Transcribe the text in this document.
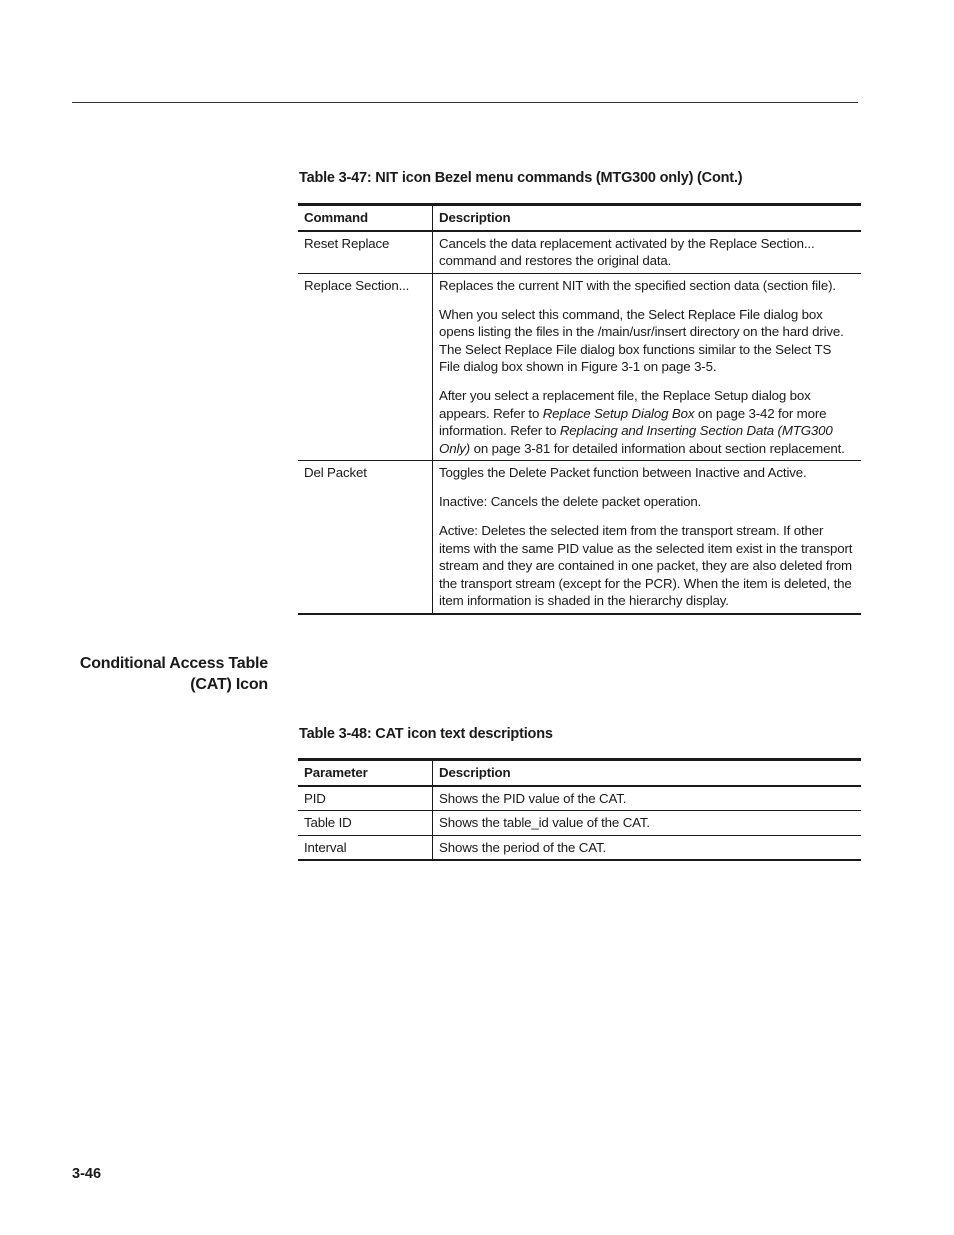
Table 3-47: NIT icon Bezel menu commands (MTG300 only) (Cont.)
Command	Description
Reset Replace	Cancels the data replacement activated by the Replace Section... command and restores the original data.

Replace Section...	Replaces the current NIT with the specified section data (section file).
When you select this command, the Select Replace File dialog box opens listing the files in the /main/usr/insert directory on the hard drive. The Select Replace File dialog box functions similar to the Select TS File dialog box shown in Figure 3-1 on page 3-5.
After you select a replacement file, the Replace Setup dialog box appears. Refer to Replace Setup Dialog Box on page 3-42 for more information. Refer to Replacing and Inserting Section Data (MTG300 Only) on page 3-81 for detailed information about section replacement.

Del Packet	Toggles the Delete Packet function between Inactive and Active.
Inactive: Cancels the delete packet operation.
Active: Deletes the selected item from the transport stream. If other items with the same PID value as the selected item exist in the transport stream and they are contained in one packet, they are also deleted from the transport stream (except for the PCR). When the item is deleted, the item information is shaded in the hierarchy display.
Conditional Access Table
(CAT) Icon
Table 3-48: CAT icon text descriptions
Parameter	Description
PID	Shows the PID value of the CAT.
Table ID	Shows the table_id value of the CAT.
Interval	Shows the period of the CAT.
3-46
